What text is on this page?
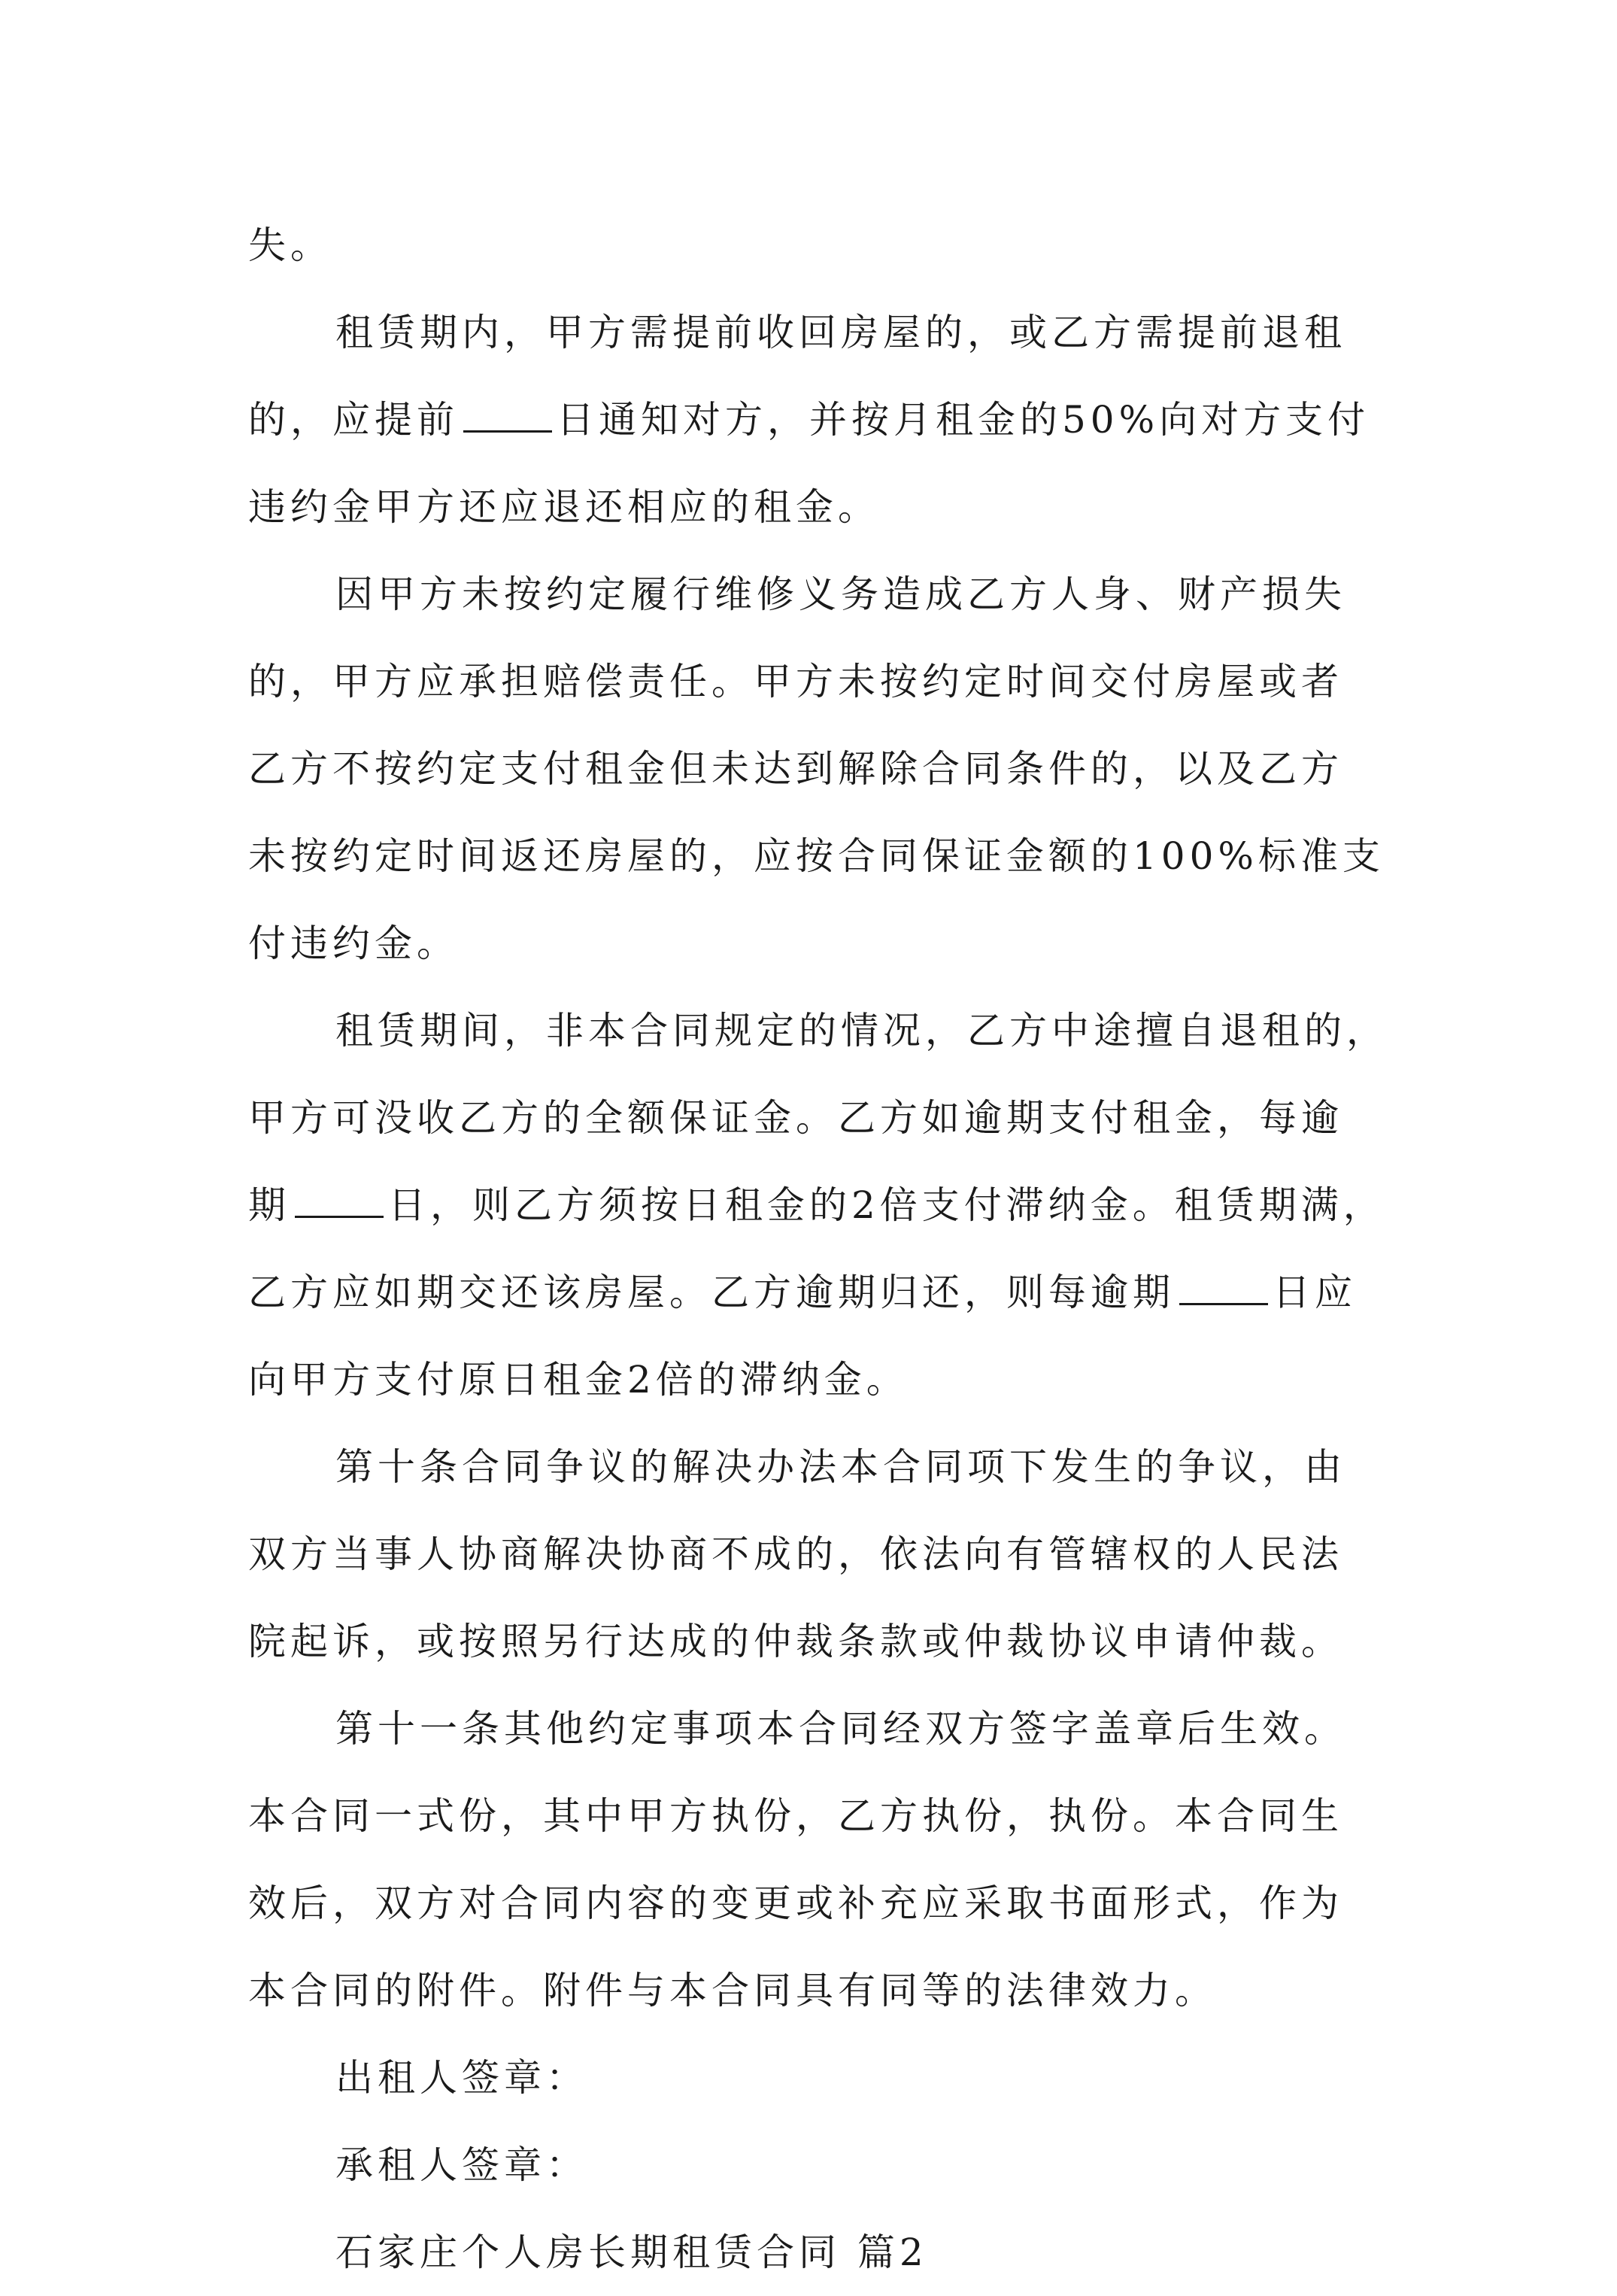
失。
租赁期内，甲方需提前收回房屋的，或乙方需提前退租
的，应提前	日通知对方，并按月租金的50%向对方支付
违约金甲方还应退还相应的租金。
因甲方未按约定履行维修义务造成乙方人身、财产损失
的，甲方应承担赔偿责任。甲方未按约定时间交付房屋或者
乙方不按约定支付租金但未达到解除合同条件的，以及乙方
未按约定时间返还房屋的，应按合同保证金额的100%标准支
付违约金。
租赁期间，非本合同规定的情况，乙方中途擅自退租的，
甲方可没收乙方的全额保证金。乙方如逾期支付租金，每逾
期	日，则乙方须按日租金的2倍支付滞纳金。租赁期满，
乙方应如期交还该房屋。乙方逾期归还，则每逾期	日应
向甲方支付原日租金2倍的滞纳金。
第十条合同争议的解决办法本合同项下发生的争议，由
双方当事人协商解决协商不成的，依法向有管辖权的人民法
院起诉，或按照另行达成的仲裁条款或仲裁协议申请仲裁。
第十一条其他约定事项本合同经双方签字盖章后生效。
本合同一式份，其中甲方执份，乙方执份，执份。本合同生
效后，双方对合同内容的变更或补充应采取书面形式，作为
本合同的附件。附件与本合同具有同等的法律效力。
出租人签章：
承租人签章：
石家庄个人房长期租赁合同 篇2
